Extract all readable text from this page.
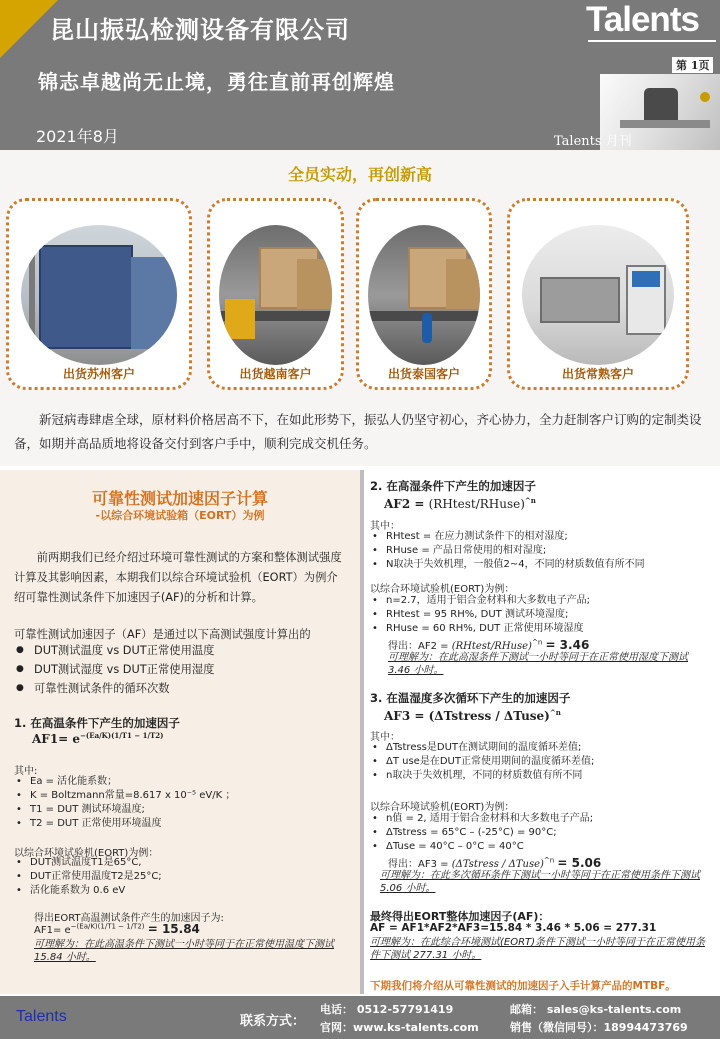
昆山振弘检测设备有限公司	Talents
锦志卓越尚无止境，勇往直前再创辉煌
第 1页
2021年8月	Talents 月刊
全员实动，再创新高
出货苏州客户	出货越南客户	出货泰国客户	出货常熟客户

新冠病毒肆虐全球，原材料价格居高不下，在如此形势下，振弘人仍坚守初心，齐心协力，全力赶制客户订购的定制类设备，如期并高品质地将设备交付到客户手中，顺利完成交机任务。

可靠性测试加速因子计算
-以综合环境试验箱（EORT）为例

前两期我们已经介绍过环境可靠性测试的方案和整体测试强度计算及其影响因素，本期我们以综合环境试验机（EORT）为例介绍可靠性测试条件下加速因子(AF)的分析和计算。

可靠性测试加速因子（AF）是通过以下高测试强度计算出的
● DUT测试温度 vs DUT正常使用温度
● DUT测试湿度 vs DUT正常使用湿度
● 可靠性测试条件的循环次数
1. 在高温条件下产生的加速因子
$AF1= e^{-(Ea/K)(1/T1 - 1/T2)}$
其中:
• Ea = 活化能系数；
• K = Boltzmann常量=8.617 x 10⁻⁵ eV/K ；
• T1 = DUT 测试环境温度;
• T2 = DUT 正常使用环境温度
以综合环境试验机(EORT)为例：
• DUT测试温度T1是65°C,
• DUT正常使用温度T2是25°C;
• 活化能系数为 0.6 eV
得出EORT高温测试条件产生的加速因子为:
$AF1= e^{-(Ea/K)(1/T1 - 1/T2)} = 15.84$
可理解为：在此高温条件下测试一小时等同于在正常使用温度下测试 15.84 小时。
2. 在高湿条件下产生的加速因子
AF2 = (RHtest/RHuse)$^{\^{}n}$
其中：
• RHtest = 在应力测试条件下的相对湿度;
• RHuse = 产品日常使用的相对湿度;
• N取决于失效机理，一般值2~4，不同的材质数值有所不同
以综合环境试验机(EORT)为例：
• n=2.7，适用于铝合金材料和大多数电子产品;
• RHtest = 95 RH%, DUT 测试环境湿度;
• RHuse = 60 RH%, DUT 正常使用环境湿度
得出：AF2 = (RHtest/RHuse)$^{\^{}n}$ = 3.46
可理解为：在此高湿条件下测试一小时等同于在正常使用湿度下测试 3.46 小时。
3. 在温湿度多次循环下产生的加速因子
AF3 = (ΔTstress / ΔTuse)$^{\^{}n}$
其中：
• ΔTstress是DUT在测试期间的温度循环差值;
• ΔT use是在DUT正常使用期间的温度循环差值;
• n取决于失效机理，不同的材质数值有所不同
以综合环境试验机(EORT)为例：
• n值 = 2, 适用于铝合金材料和大多数电子产品;
• ΔTstress = 65°C – (-25°C) = 90°C;
• ΔTuse = 40°C – 0°C = 40°C
得出：AF3 = (ΔTstress / ΔTuse)$^{\^{}n}$ = 5.06
可理解为：在此多次循环条件下测试一小时等同于在正常使用条件下测试 5.06 小时。
最终得出EORT整体加速因子(AF)：
AF = AF1*AF2*AF3=15.84 * 3.46 * 5.06 = 277.31
可理解为：在此综合环境测试(EORT)条件下测试一小时等同于在正常使用条件下测试 277.31 小时。
下期我们将介绍从可靠性测试的加速因子入手计算产品的MTBF。
Talents	联系方式：
电话： 0512-57791419
官网：www.ks-talents.com
邮箱： sales@ks-talents.com
销售（微信同号）：18994473769
